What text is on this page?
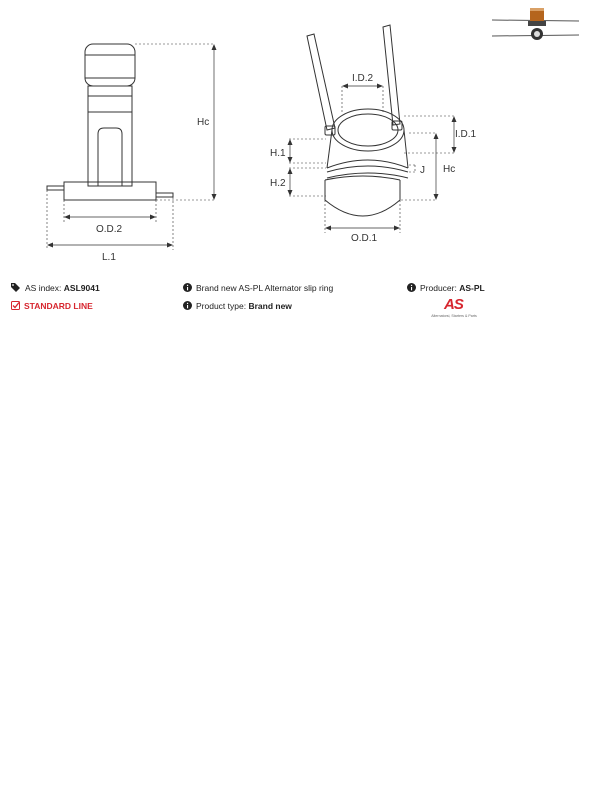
Hc
O.D.2
L.1
I.D.2
I.D.1
H.1
Hc
J
H.2
O.D.1
AS index: ASL9041
STANDARD LINE
Brand new AS-PL Alternator slip ring
Product type: Brand new
Producer: AS-PL
AS
Alternatorsi, Starters & Parts
